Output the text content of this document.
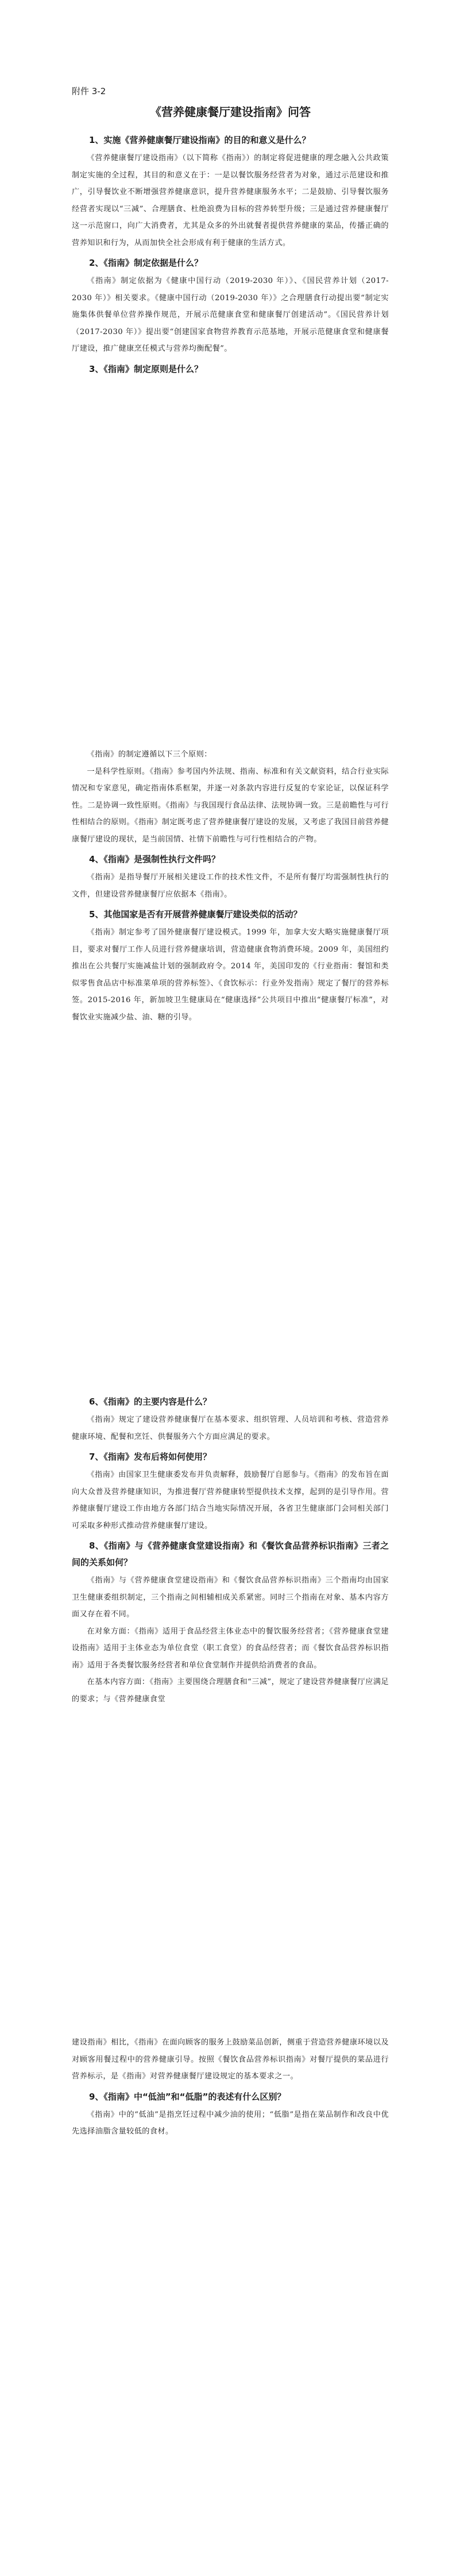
附件 3-2

《营养健康餐厅建设指南》问答

1、实施《营养健康餐厅建设指南》的目的和意义是什么？

《营养健康餐厅建设指南》（以下简称《指南》）的制定将促进健康的理念融入公共政策制定实施的全过程，其目的和意义在于：一是以餐饮服务经营者为对象，通过示范建设和推广，引导餐饮业不断增强营养健康意识，提升营养健康服务水平；二是鼓励、引导餐饮服务经营者实现以“三减”、合理膳食、杜绝浪费为目标的营养转型升级；三是通过营养健康餐厅这一示范窗口，向广大消费者，尤其是众多的外出就餐者提供营养健康的菜品，传播正确的营养知识和行为，从而加快全社会形成有利于健康的生活方式。

2、《指南》制定依据是什么？

《指南》制定依据为《健康中国行动（2019-2030 年）》、《国民营养计划（2017-2030 年）》相关要求。《健康中国行动（2019-2030 年）》之合理膳食行动提出要“制定实施集体供餐单位营养操作规范，开展示范健康食堂和健康餐厅创建活动”。《国民营养计划（2017-2030 年）》提出要“创建国家食物营养教育示范基地，开展示范健康食堂和健康餐厅建设，推广健康烹任模式与营养均衡配餐”。

3、《指南》制定原则是什么？

《指南》的制定遵循以下三个原则：

一是科学性原则。《指南》参考国内外法规、指南、标准和有关文献资料，结合行业实际情况和专家意见，确定指南体系框架，并逐一对条款内容进行反复的专家论证，以保证科学性。二是协调一致性原则。《指南》与我国现行食品法律、法规协调一致。三是前瞻性与可行性相结合的原则。《指南》制定既考虑了营养健康餐厅建设的发展，又考虑了我国目前营养健康餐厅建设的现状，是当前国情、社情下前瞻性与可行性相结合的产物。

4、《指南》是强制性执行文件吗？

《指南》是指导餐厅开展相关建设工作的技术性文件，不是所有餐厅均需强制性执行的文件，但建设营养健康餐厅应依据本《指南》。

5、其他国家是否有开展营养健康餐厅建设类似的活动？

《指南》制定参考了国外健康餐厅建设模式。1999 年，加拿大安大略实施健康餐厅项目，要求对餐厅工作人员进行营养健康培训，营造健康食物消费环境。2009 年，美国纽约推出在公共餐厅实施减盐计划的强制政府令。2014 年，美国印发的《行业指南：餐馆和类似零售食品店中标准菜单项的营养标签》、《食饮标示：行业外发指南》规定了餐厅的营养标签。2015-2016 年，新加坡卫生健康局在“健康选择”公共项目中推出“健康餐厅标准”，对餐饮业实施减少盐、油、糖的引导。

6、《指南》的主要内容是什么？

《指南》规定了建设营养健康餐厅在基本要求、组织管理、人员培训和考核、营造营养健康环境、配餐和烹饪、供餐服务六个方面应满足的要求。

7、《指南》发布后将如何使用？

《指南》由国家卫生健康委发布并负责解释，鼓励餐厅自愿参与。《指南》的发布旨在面向大众普及营养健康知识，为推进餐厅营养健康转型提供技术支撑，起到的是引导作用。营养健康餐厅建设工作由地方各部门结合当地实际情况开展，各省卫生健康部门会同相关部门可采取多种形式推动营养健康餐厅建设。

8、《指南》与《营养健康食堂建设指南》和《餐饮食品营养标识指南》三者之间的关系如何？

《指南》与《营养健康食堂建设指南》和《餐饮食品营养标识指南》三个指南均由国家卫生健康委组织制定，三个指南之间相辅相成关系紧密。同时三个指南在对象、基本内容方面又存在着不同。

在对象方面：《指南》适用于食品经营主体业态中的餐饮服务经营者；《营养健康食堂建设指南》适用于主体业态为单位食堂（职工食堂）的食品经营者；而《餐饮食品营养标识指南》适用于各类餐饮服务经营者和单位食堂制作并提供给消费者的食品。

在基本内容方面：《指南》主要围绕合理膳食和“三减”，规定了建设营养健康餐厅应满足的要求；与《营养健康食堂

建设指南》相比，《指南》在面向顾客的服务上鼓励菜品创新，侧重于营造营养健康环境以及对顾客用餐过程中的营养健康引导。按照《餐饮食品营养标识指南》对餐厅提供的菜品进行营养标示，是《指南》对营养健康餐厅建设规定的基本要求之一。

9、《指南》中“低油”和“低脂”的表述有什么区别？

《指南》中的“低油”是指烹饪过程中减少油的使用；“低脂”是指在菜品制作和改良中优先选择油脂含量较低的食材。
